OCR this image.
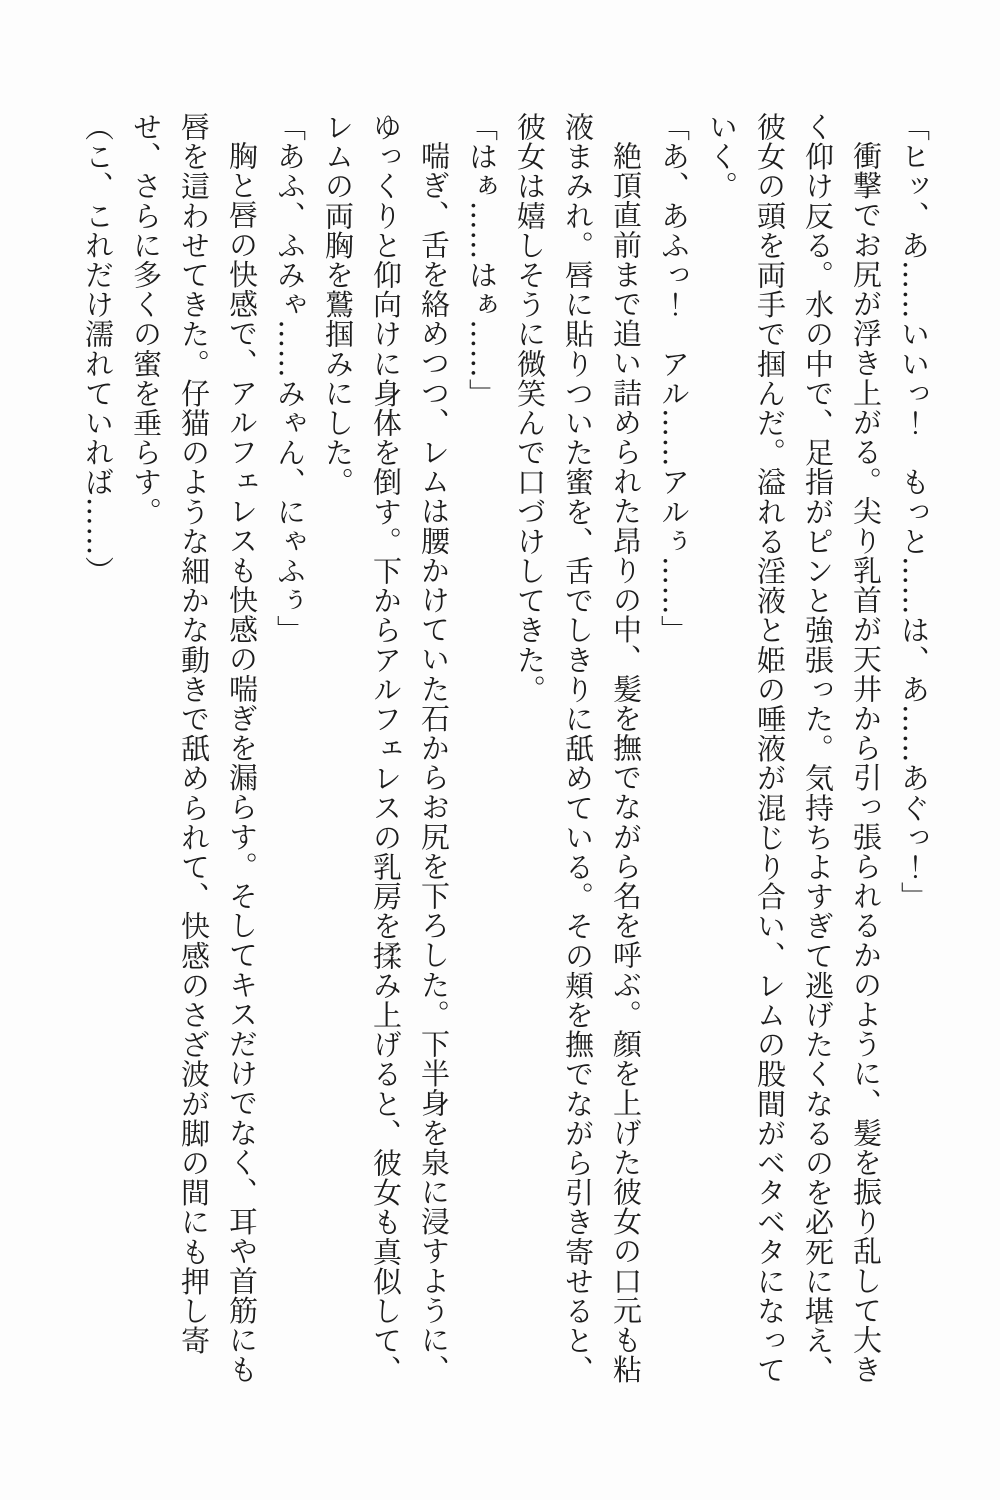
「ヒッ、あ……いいっ！　もっと……は、あ……あぐっ！」

衝撃でお尻が浮き上がる。尖り乳首が天井から引っ張られるかのように、髪を振り乱して大きく仰け反る。水の中で、足指がピンと強張った。気持ちよすぎて逃げたくなるのを必死に堪え、彼女の頭を両手で掴んだ。溢れる淫液と姫の唾液が混じり合い、レムの股間がベタベタになっていく。

「あ、あふっ！　アル……アルぅ……」

絶頂直前まで追い詰められた昂りの中、髪を撫でながら名を呼ぶ。顔を上げた彼女の口元も粘液まみれ。唇に貼りついた蜜を、舌でしきりに舐めている。その頬を撫でながら引き寄せると、彼女は嬉しそうに微笑んで口づけしてきた。

「はぁ……はぁ……」

喘ぎ、舌を絡めつつ、レムは腰かけていた石からお尻を下ろした。下半身を泉に浸すように、ゆっくりと仰向けに身体を倒す。下からアルフェレスの乳房を揉み上げると、彼女も真似して、レムの両胸を鷲掴みにした。

「あふ、ふみゃ……みゃん、にゃふぅ」

胸と唇の快感で、アルフェレスも快感の喘ぎを漏らす。そしてキスだけでなく、耳や首筋にも唇を這わせてきた。仔猫のような細かな動きで舐められて、快感のさざ波が脚の間にも押し寄せ、さらに多くの蜜を垂らす。

（こ、これだけ濡れていれば……）
